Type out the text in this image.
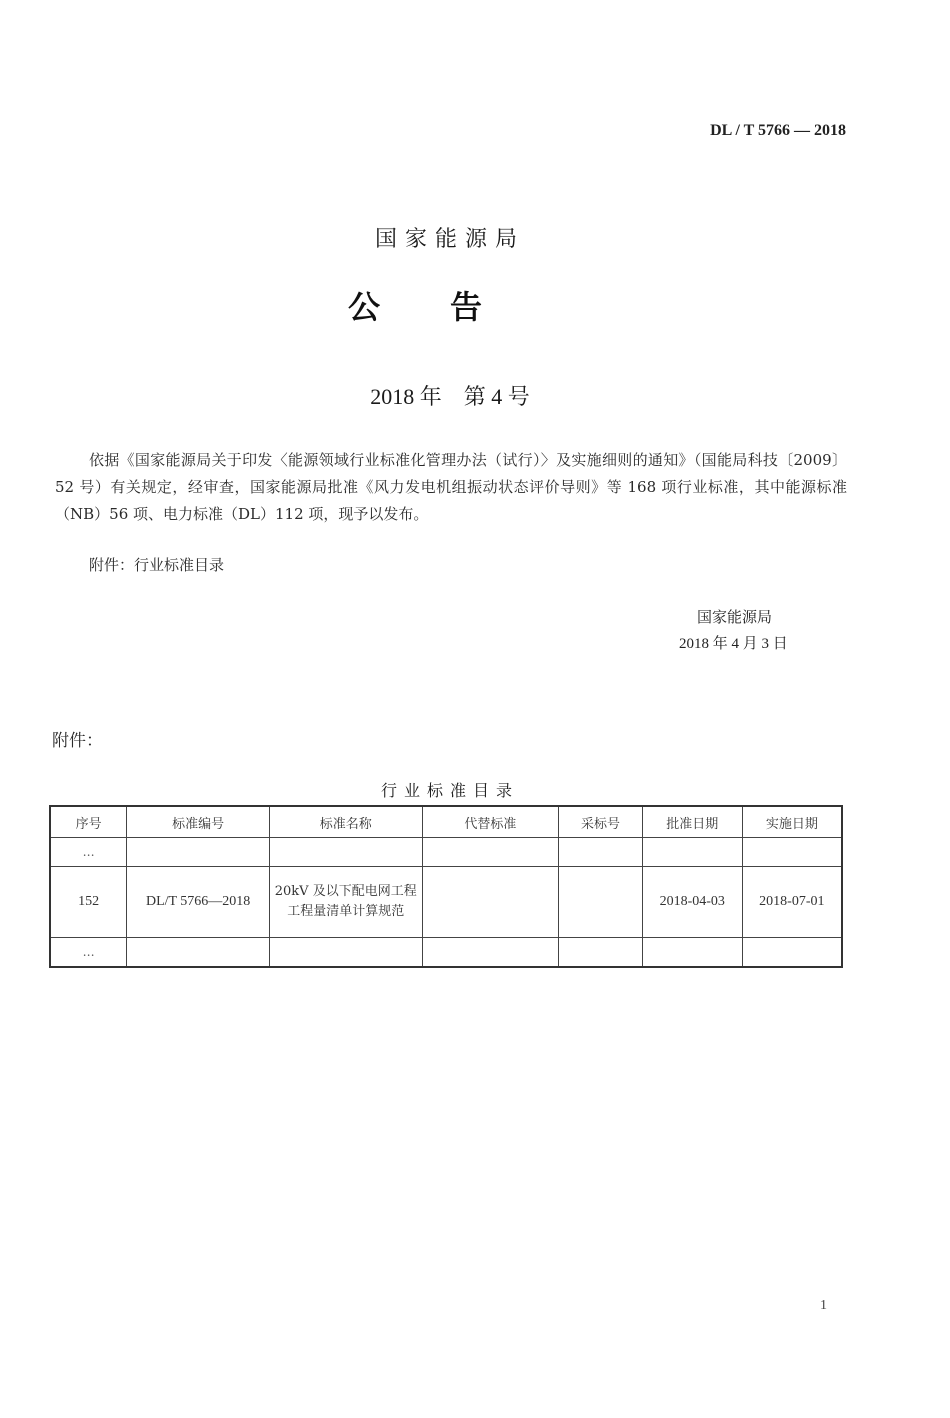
DL / T 5766 — 2018
国家能源局
公告
2018 年 第 4 号
依据《国家能源局关于印发〈能源领域行业标准化管理办法（试行）〉及实施细则的通知》（国能局科技〔2009〕52 号）有关规定，经审查，国家能源局批准《风力发电机组振动状态评价导则》等 168 项行业标准，其中能源标准（NB）56 项、电力标准（DL）112 项，现予以发布。
附件：行业标准目录
国家能源局
2018 年 4 月 3 日
附件：
行业标准目录
序号	标准编号	标准名称	代替标准	采标号	批准日期	实施日期
…						
152	DL/T 5766—2018	20kV 及以下配电网工程工程量清单计算规范			2018-04-03	2018-07-01
…						
1
